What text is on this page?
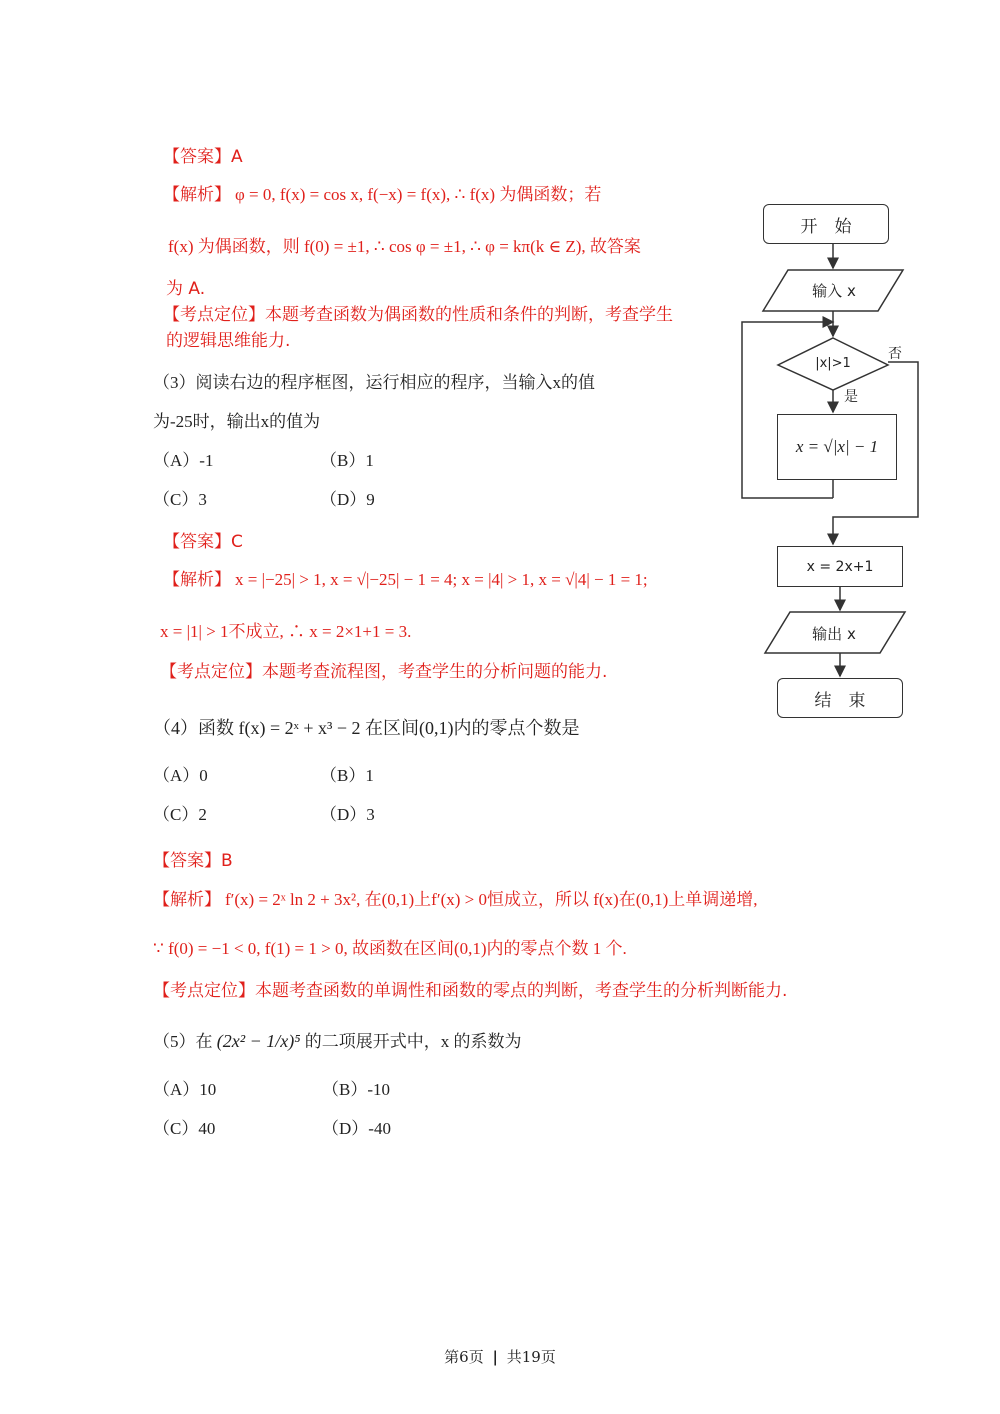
【答案】A
【解析】 φ = 0, f(x) = cos x, f(−x) = f(x), ∴ f(x) 为偶函数；若
f(x) 为偶函数，则 f(0) = ±1, ∴ cos φ = ±1, ∴ φ = kπ(k ∈ Z), 故答案
为 A.
【考点定位】本题考查函数为偶函数的性质和条件的判断，考查学生
的逻辑思维能力.
（3）阅读右边的程序框图，运行相应的程序，当输入x的值
为-25时，输出x的值为
（A）-1	（B）1
（C）3	（D）9
【答案】C
【解析】 x = |−25| > 1, x = √|−25| − 1 = 4; x = |4| > 1, x = √|4| − 1 = 1;
x = |1| > 1不成立, ∴ x = 2×1+1 = 3.
【考点定位】本题考查流程图，考查学生的分析问题的能力.
开　始
输入 x
|x|>1
是
否
x = √|x| − 1
x = 2x+1
输出 x
结　束
（4）函数 f(x) = 2ˣ + x³ − 2 在区间(0,1)内的零点个数是
（A）0	（B）1
（C）2	（D）3
【答案】B
【解析】 f′(x) = 2ˣ ln 2 + 3x², 在(0,1)上f′(x) > 0恒成立，所以 f(x)在(0,1)上单调递增,
∵ f(0) = −1 < 0, f(1) = 1 > 0, 故函数在区间(0,1)内的零点个数 1 个.
【考点定位】本题考查函数的单调性和函数的零点的判断，考查学生的分析判断能力.
（5）在 (2x² − 1/x)⁵ 的二项展开式中，x 的系数为
（A）10	（B）-10
（C）40	（D）-40
第6页 | 共19页
